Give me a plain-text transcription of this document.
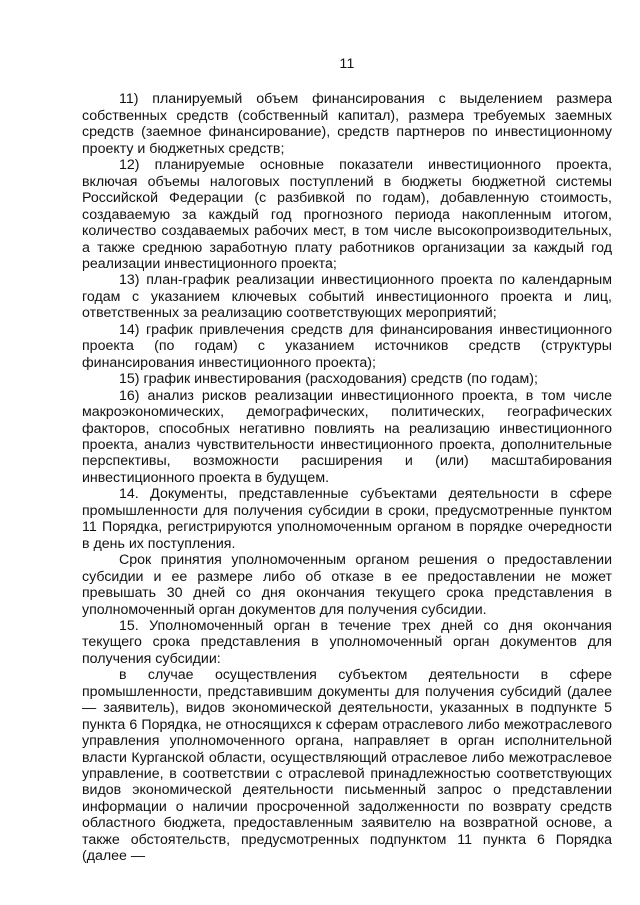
11

11) планируемый объем финансирования с выделением размера собственных средств (собственный капитал), размера требуемых заемных средств (заемное финансирование), средств партнеров по инвестиционному проекту и бюджетных средств;

12) планируемые основные показатели инвестиционного проекта, включая объемы налоговых поступлений в бюджеты бюджетной системы Российской Федерации (с разбивкой по годам), добавленную стоимость, создаваемую за каждый год прогнозного периода накопленным итогом, количество создаваемых рабочих мест, в том числе высокопроизводительных, а также среднюю заработную плату работников организации за каждый год реализации инвестиционного проекта;

13) план-график реализации инвестиционного проекта по календарным годам с указанием ключевых событий инвестиционного проекта и лиц, ответственных за реализацию соответствующих мероприятий;

14) график привлечения средств для финансирования инвестиционного проекта (по годам) с указанием источников средств (структуры финансирования инвестиционного проекта);

15) график инвестирования (расходования) средств (по годам);

16) анализ рисков реализации инвестиционного проекта, в том числе макроэкономических, демографических, политических, географических факторов, способных негативно повлиять на реализацию инвестиционного проекта, анализ чувствительности инвестиционного проекта, дополнительные перспективы, возможности расширения и (или) масштабирования инвестиционного проекта в будущем.

14. Документы, представленные субъектами деятельности в сфере промышленности для получения субсидии в сроки, предусмотренные пунктом 11 Порядка, регистрируются уполномоченным органом в порядке очередности в день их поступления.

Срок принятия уполномоченным органом решения о предоставлении субсидии и ее размере либо об отказе в ее предоставлении не может превышать 30 дней со дня окончания текущего срока представления в уполномоченный орган документов для получения субсидии.

15. Уполномоченный орган в течение трех дней со дня окончания текущего срока представления в уполномоченный орган документов для получения субсидии:

в случае осуществления субъектом деятельности в сфере промышленности, представившим документы для получения субсидий (далее — заявитель), видов экономической деятельности, указанных в подпункте 5 пункта 6 Порядка, не относящихся к сферам отраслевого либо межотраслевого управления уполномоченного органа, направляет в орган исполнительной власти Курганской области, осуществляющий отраслевое либо межотраслевое управление, в соответствии с отраслевой принадлежностью соответствующих видов экономической деятельности письменный запрос о представлении информации о наличии просроченной задолженности по возврату средств областного бюджета, предоставленным заявителю на возвратной основе, а также обстоятельств, предусмотренных подпунктом 11 пункта 6 Порядка (далее —
